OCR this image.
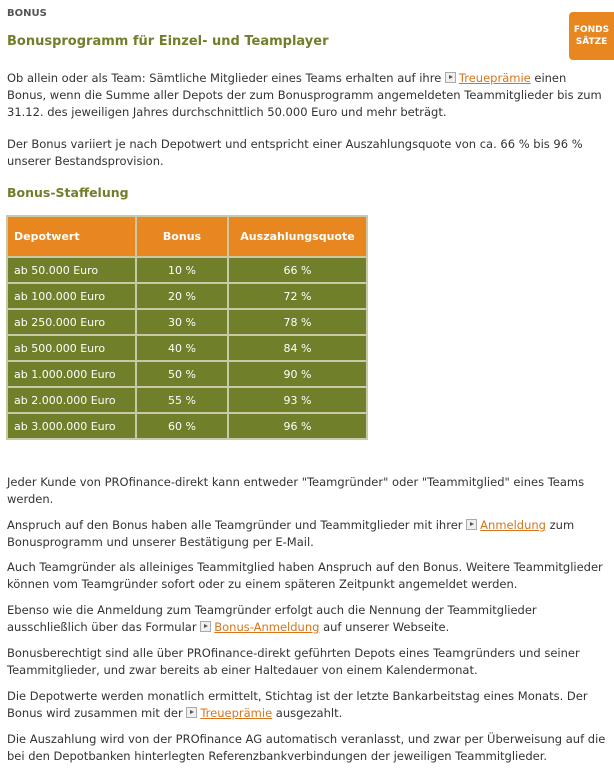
BONUS
Bonusprogramm für Einzel- und Teamplayer
FONDS
SÄTZE

Ob allein oder als Team: Sämtliche Mitglieder eines Teams erhalten auf ihre Treueprämie einen Bonus, wenn die Summe aller Depots der zum Bonusprogramm angemeldeten Teammitglieder bis zum 31.12. des jeweiligen Jahres durchschnittlich 50.000 Euro und mehr beträgt.

Der Bonus variiert je nach Depotwert und entspricht einer Auszahlungsquote von ca. 66 % bis 96 % unserer Bestandsprovision.

Bonus-Staffelung
Depotwert	Bonus	Auszahlungsquote
ab 50.000 Euro	10 %	66 %
ab 100.000 Euro	20 %	72 %
ab 250.000 Euro	30 %	78 %
ab 500.000 Euro	40 %	84 %
ab 1.000.000 Euro	50 %	90 %
ab 2.000.000 Euro	55 %	93 %
ab 3.000.000 Euro	60 %	96 %

Jeder Kunde von PROfinance-direkt kann entweder "Teamgründer" oder "Teammitglied" eines Teams werden.

Anspruch auf den Bonus haben alle Teamgründer und Teammitglieder mit ihrer Anmeldung zum Bonusprogramm und unserer Bestätigung per E-Mail.

Auch Teamgründer als alleiniges Teammitglied haben Anspruch auf den Bonus. Weitere Teammitglieder können vom Teamgründer sofort oder zu einem späteren Zeitpunkt angemeldet werden.

Ebenso wie die Anmeldung zum Teamgründer erfolgt auch die Nennung der Teammitglieder ausschließlich über das Formular Bonus-Anmeldung auf unserer Webseite.

Bonusberechtigt sind alle über PROfinance-direkt geführten Depots eines Teamgründers und seiner Teammitglieder, und zwar bereits ab einer Haltedauer von einem Kalendermonat.

Die Depotwerte werden monatlich ermittelt, Stichtag ist der letzte Bankarbeitstag eines Monats. Der Bonus wird zusammen mit der Treueprämie ausgezahlt.

Die Auszahlung wird von der PROfinance AG automatisch veranlasst, und zwar per Überweisung auf die bei den Depotbanken hinterlegten Referenzbankverbindungen der jeweiligen Teammitglieder.
